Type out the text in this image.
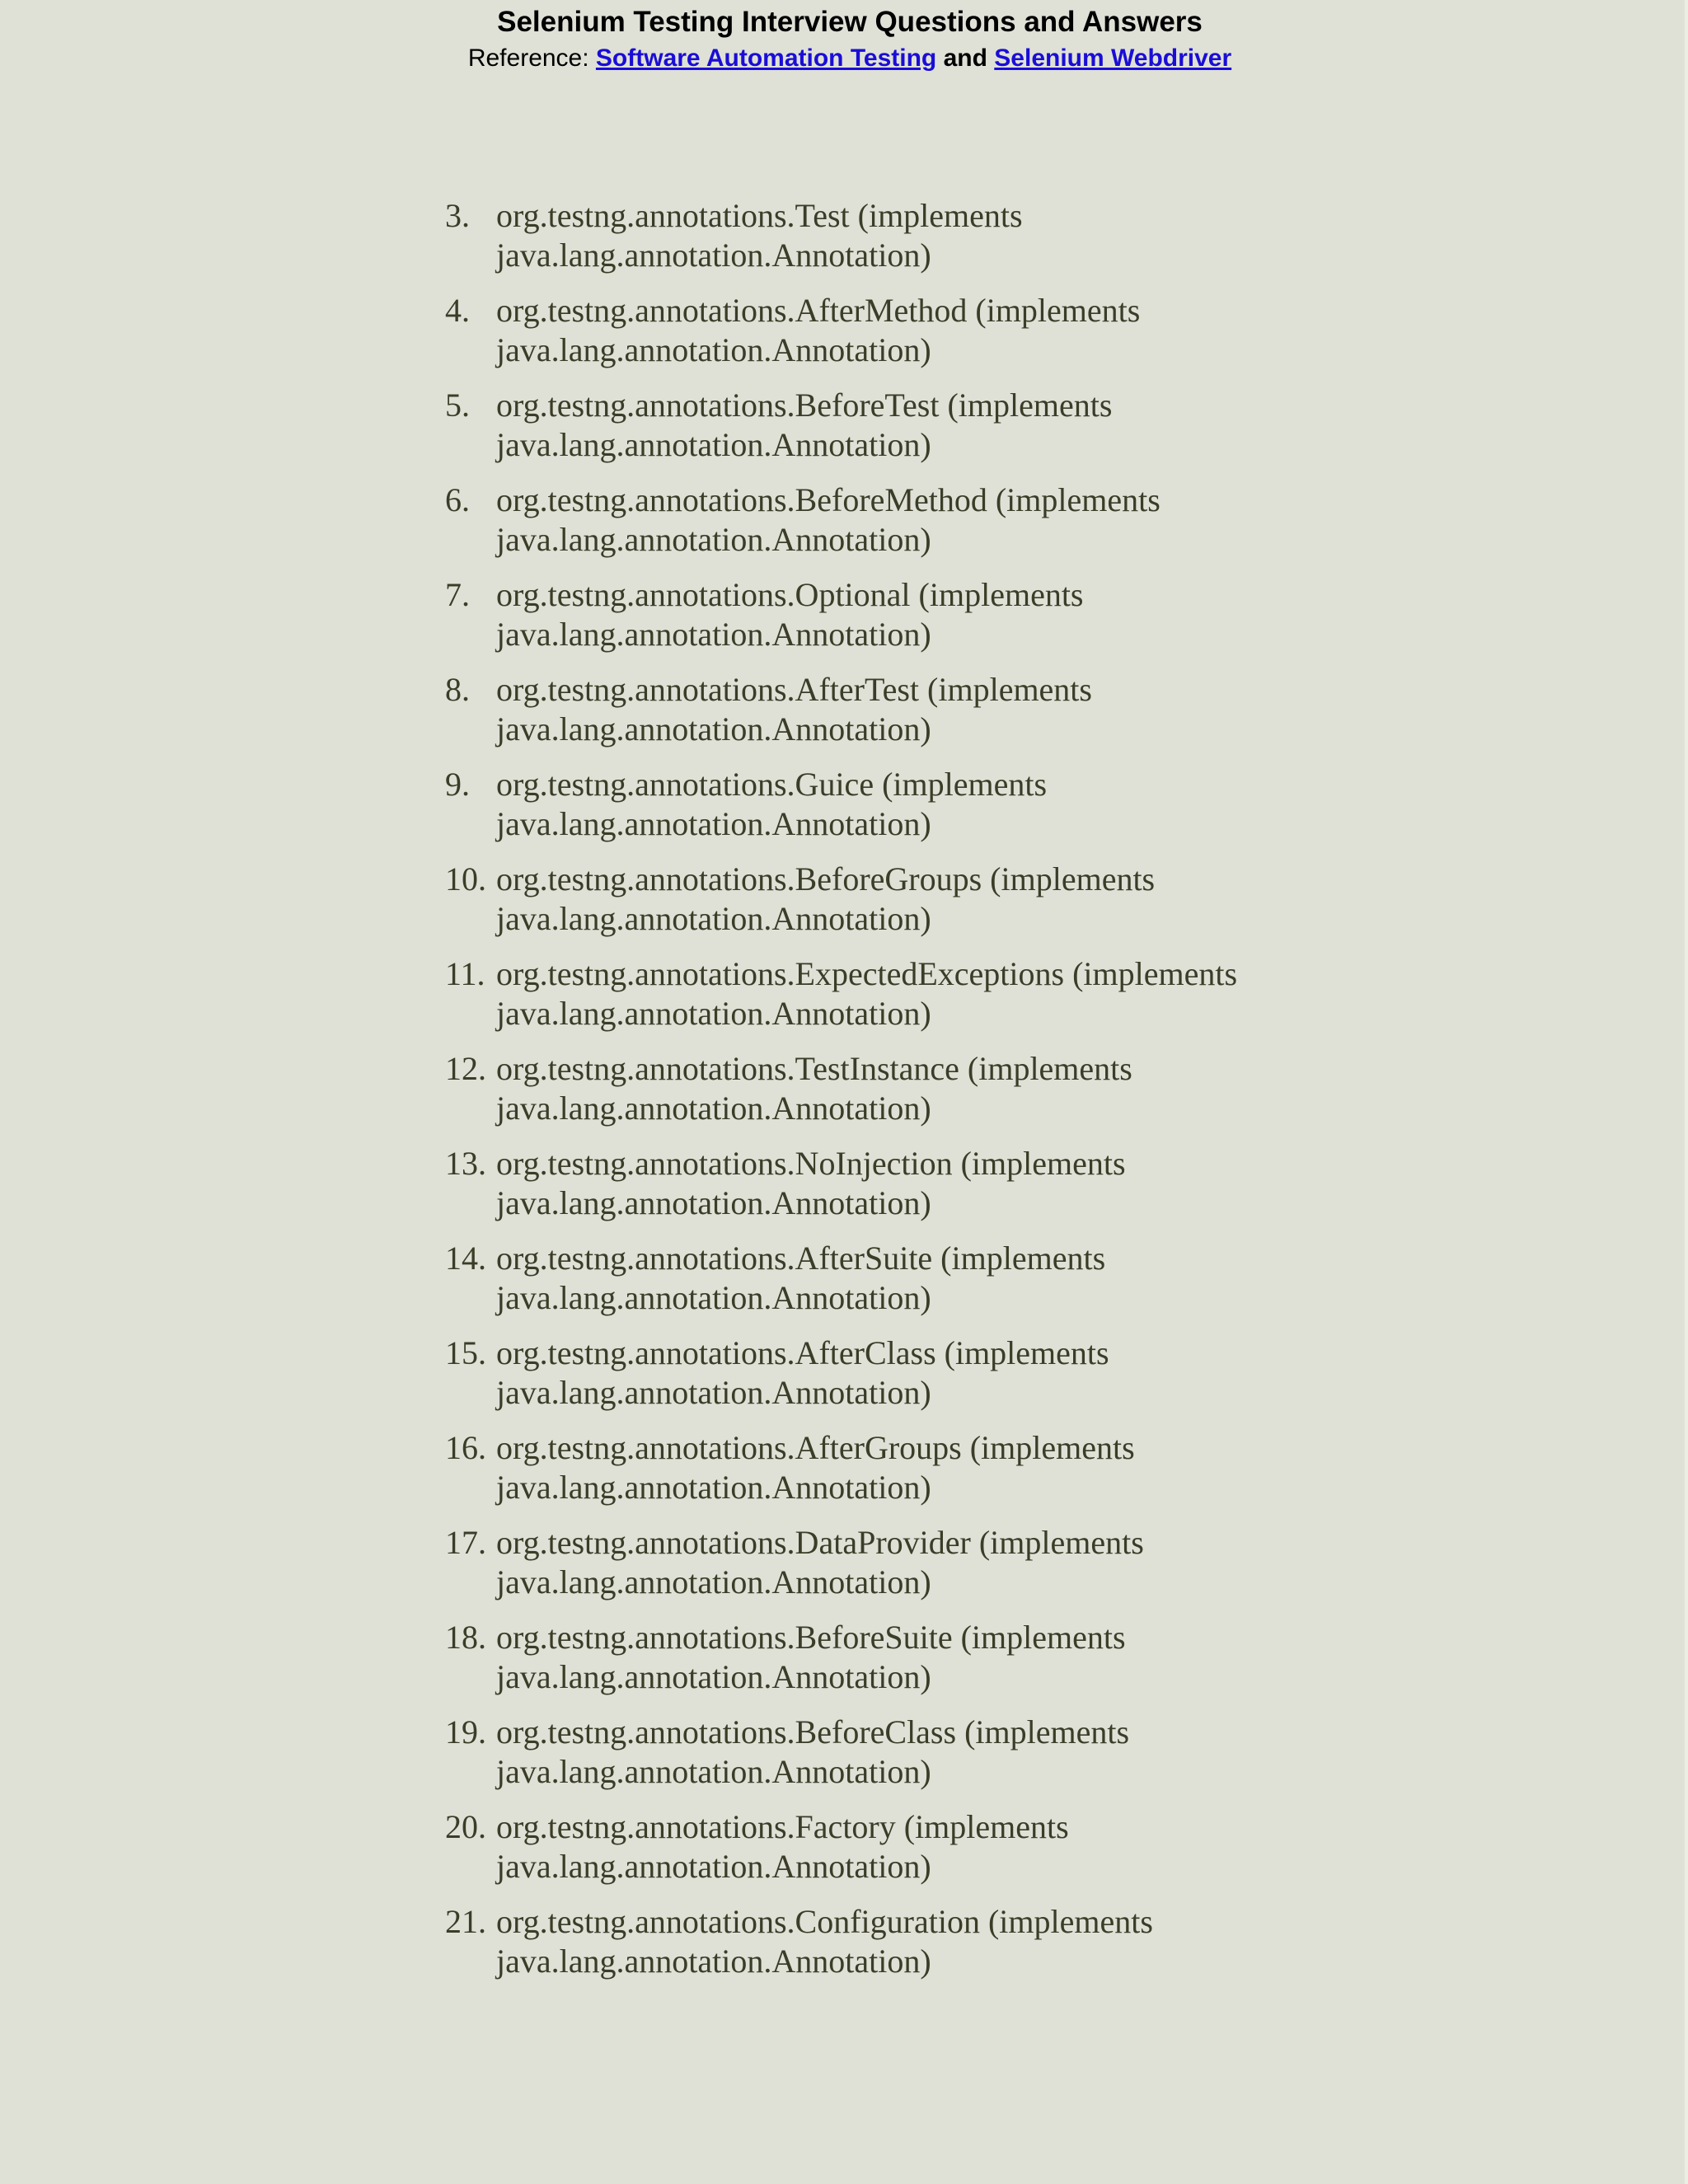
Selenium Testing Interview Questions and Answers
Reference: Software Automation Testing and Selenium Webdriver
3. org.testng.annotations.Test (implements
java.lang.annotation.Annotation)
4. org.testng.annotations.AfterMethod (implements
java.lang.annotation.Annotation)
5. org.testng.annotations.BeforeTest (implements
java.lang.annotation.Annotation)
6. org.testng.annotations.BeforeMethod (implements
java.lang.annotation.Annotation)
7. org.testng.annotations.Optional (implements
java.lang.annotation.Annotation)
8. org.testng.annotations.AfterTest (implements
java.lang.annotation.Annotation)
9. org.testng.annotations.Guice (implements
java.lang.annotation.Annotation)
10. org.testng.annotations.BeforeGroups (implements
java.lang.annotation.Annotation)
11. org.testng.annotations.ExpectedExceptions (implements
java.lang.annotation.Annotation)
12. org.testng.annotations.TestInstance (implements
java.lang.annotation.Annotation)
13. org.testng.annotations.NoInjection (implements
java.lang.annotation.Annotation)
14. org.testng.annotations.AfterSuite (implements
java.lang.annotation.Annotation)
15. org.testng.annotations.AfterClass (implements
java.lang.annotation.Annotation)
16. org.testng.annotations.AfterGroups (implements
java.lang.annotation.Annotation)
17. org.testng.annotations.DataProvider (implements
java.lang.annotation.Annotation)
18. org.testng.annotations.BeforeSuite (implements
java.lang.annotation.Annotation)
19. org.testng.annotations.BeforeClass (implements
java.lang.annotation.Annotation)
20. org.testng.annotations.Factory (implements
java.lang.annotation.Annotation)
21. org.testng.annotations.Configuration (implements
java.lang.annotation.Annotation)
